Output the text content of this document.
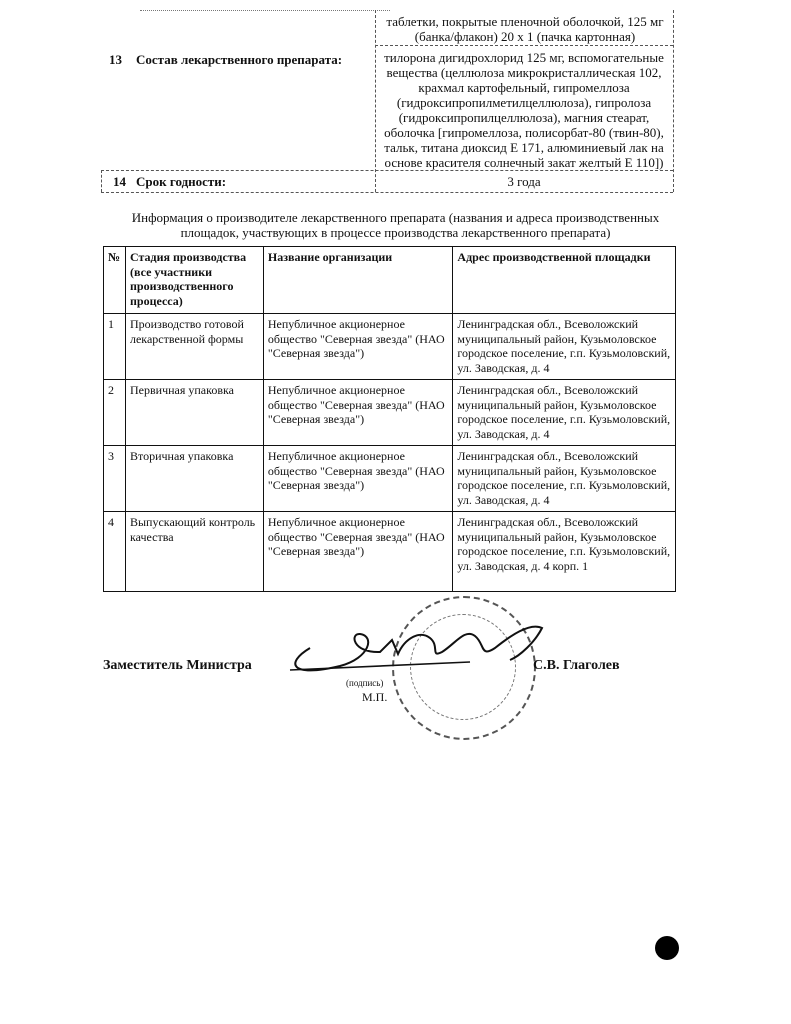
таблетки, покрытые пленочной оболочкой, 125 мг (банка/флакон) 20 х 1 (пачка картонная)
13 Состав лекарственного препарата:	тилорона дигидрохлорид 125 мг, вспомогательные вещества (целлюлоза микрокристаллическая 102, крахмал картофельный, гипромеллоза (гидроксипропилметилцеллюлоза), гипролоза (гидроксипропилцеллюлоза), магния стеарат, оболочка [гипромеллоза, полисорбат-80 (твин-80), тальк, титана диоксид Е 171, алюминиевый лак на основе красителя солнечный закат желтый Е 110])
14 Срок годности:	3 года
Информация о производителе лекарственного препарата (названия и адреса производственных площадок, участвующих в процессе производства лекарственного препарата)
№	Стадия производства (все участники производственного процесса)	Название организации	Адрес производственной площадки
1	Производство готовой лекарственной формы	Непубличное акционерное общество "Северная звезда" (НАО "Северная звезда")	Ленинградская обл., Всеволожский муниципальный район, Кузьмоловское городское поселение, г.п. Кузьмоловский, ул. Заводская, д. 4
2	Первичная упаковка	Непубличное акционерное общество "Северная звезда" (НАО "Северная звезда")	Ленинградская обл., Всеволожский муниципальный район, Кузьмоловское городское поселение, г.п. Кузьмоловский, ул. Заводская, д. 4
3	Вторичная упаковка	Непубличное акционерное общество "Северная звезда" (НАО "Северная звезда")	Ленинградская обл., Всеволожский муниципальный район, Кузьмоловское городское поселение, г.п. Кузьмоловский, ул. Заводская, д. 4
4	Выпускающий контроль качества	Непубличное акционерное общество "Северная звезда" (НАО "Северная звезда")	Ленинградская обл., Всеволожский муниципальный район, Кузьмоловское городское поселение, г.п. Кузьмоловский, ул. Заводская, д. 4 корп. 1
Заместитель Министра	С.В. Глаголев
(подпись)
М.П.
